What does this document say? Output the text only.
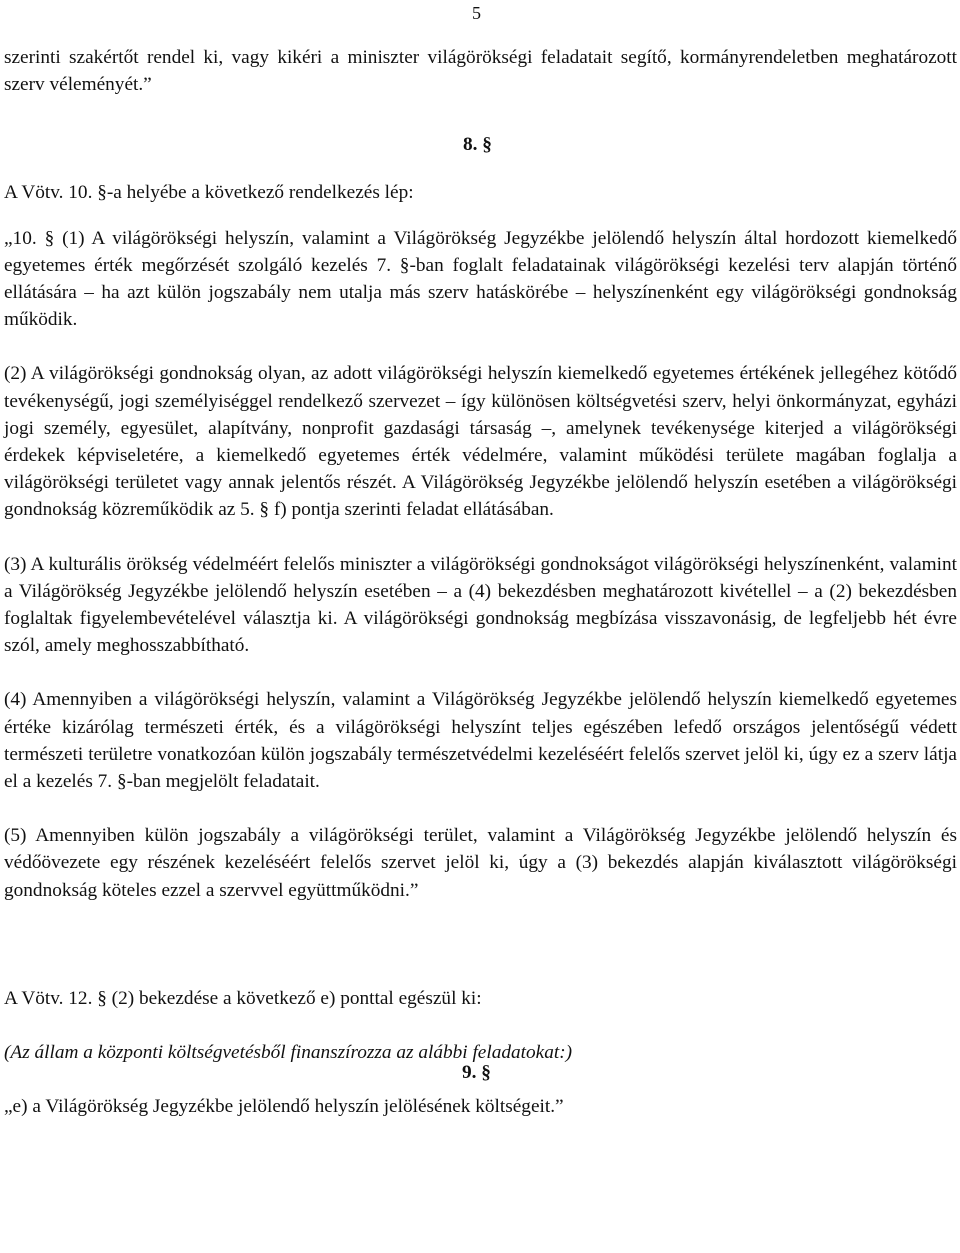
5

8. §

9. §

szerinti szakértőt rendel ki, vagy kikéri a miniszter világörökségi feladatait segítő, kormányrendeletben meghatározott szerv véleményét.”

A Vötv. 10. §-a helyébe a következő rendelkezés lép:

„10. § (1) A világörökségi helyszín, valamint a Világörökség Jegyzékbe jelölendő helyszín által hordozott kiemelkedő egyetemes érték megőrzését szolgáló kezelés 7. §-ban foglalt feladatainak világörökségi kezelési terv alapján történő ellátására – ha azt külön jogszabály nem utalja más szerv hatáskörébe – helyszínenként egy világörökségi gondnokság működik.

(2) A világörökségi gondnokság olyan, az adott világörökségi helyszín kiemelkedő egyetemes értékének jellegéhez kötődő tevékenységű, jogi személyiséggel rendelkező szervezet – így különösen költségvetési szerv, helyi önkormányzat, egyházi jogi személy, egyesület, alapítvány, nonprofit gazdasági társaság –, amelynek tevékenysége kiterjed a világörökségi érdekek képviseletére, a kiemelkedő egyetemes érték védelmére, valamint működési területe magában foglalja a világörökségi területet vagy annak jelentős részét. A Világörökség Jegyzékbe jelölendő helyszín esetében a világörökségi gondnokság közreműködik az 5. § f) pontja szerinti feladat ellátásában.

(3) A kulturális örökség védelméért felelős miniszter a világörökségi gondnokságot világörökségi helyszínenként, valamint a Világörökség Jegyzékbe jelölendő helyszín esetében – a (4) bekezdésben meghatározott kivétellel – a (2) bekezdésben foglaltak figyelembevételével választja ki. A világörökségi gondnokság megbízása visszavonásig, de legfeljebb hét évre szól, amely meghosszabbítható.

(4) Amennyiben a világörökségi helyszín, valamint a Világörökség Jegyzékbe jelölendő helyszín kiemelkedő egyetemes értéke kizárólag természeti érték, és a világörökségi helyszínt teljes egészében lefedő országos jelentőségű védett természeti területre vonatkozóan külön jogszabály természetvédelmi kezeléséért felelős szervet jelöl ki, úgy ez a szerv látja el a kezelés 7. §-ban megjelölt feladatait.

(5) Amennyiben külön jogszabály a világörökségi terület, valamint a Világörökség Jegyzékbe jelölendő helyszín és védőövezete egy részének kezeléséért felelős szervet jelöl ki, úgy a (3) bekezdés alapján kiválasztott világörökségi gondnokság köteles ezzel a szervvel együttműködni.”

A Vötv. 12. § (2) bekezdése a következő e) ponttal egészül ki:

(Az állam a központi költségvetésből finanszírozza az alábbi feladatokat:)

„e) a Világörökség Jegyzékbe jelölendő helyszín jelölésének költségeit.”
